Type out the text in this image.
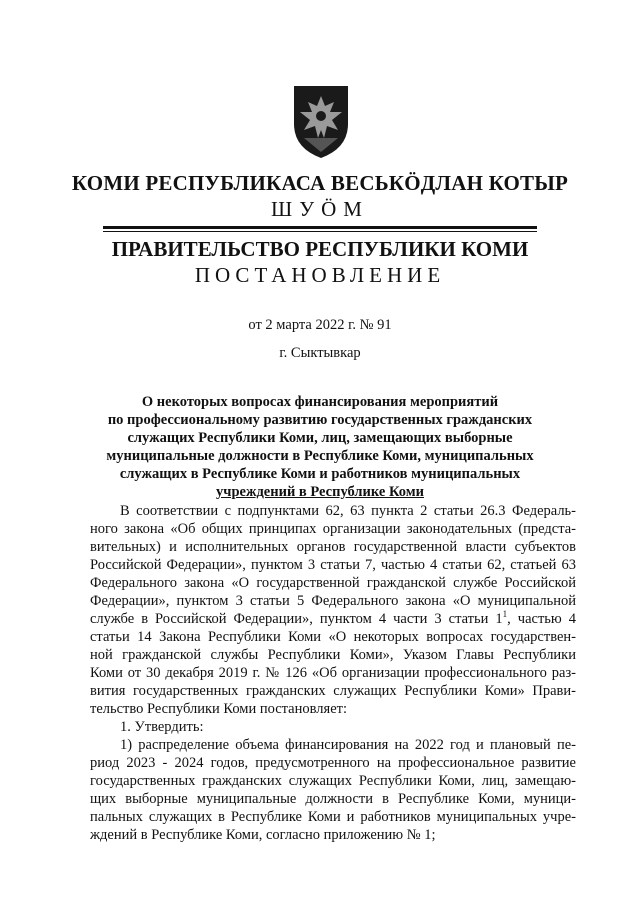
КОМИ РЕСПУБЛИКАСА ВЕСЬКӦДЛАН КОТЫР
ШУӦМ
ПРАВИТЕЛЬСТВО РЕСПУБЛИКИ КОМИ
ПОСТАНОВЛЕНИЕ
от 2 марта 2022 г. № 91
г. Сыктывкар
О некоторых вопросах финансирования мероприятий
по профессиональному развитию государственных гражданских
служащих Республики Коми, лиц, замещающих выборные
муниципальные должности в Республике Коми, муниципальных
служащих в Республике Коми и работников муниципальных
учреждений в Республике Коми
В соответствии с подпунктами 62, 63 пункта 2 статьи 26.3 Федераль-
ного закона «Об общих принципах организации законодательных (предста-
вительных) и исполнительных органов государственной власти субъектов
Российской Федерации», пунктом 3 статьи 7, частью 4 статьи 62, статьей 63
Федерального закона «О государственной гражданской службе Российской
Федерации», пунктом 3 статьи 5 Федерального закона «О муниципальной
службе в Российской Федерации», пунктом 4 части 3 статьи $1^1$, частью 4
статьи 14 Закона Республики Коми «О некоторых вопросах государствен-
ной гражданской службы Республики Коми», Указом Главы Республики
Коми от 30 декабря 2019 г. № 126 «Об организации профессионального раз-
вития государственных гражданских служащих Республики Коми» Прави-
тельство Республики Коми постановляет:
1. Утвердить:
1) распределение объема финансирования на 2022 год и плановый пе-
риод 2023 - 2024 годов, предусмотренного на профессиональное развитие
государственных гражданских служащих Республики Коми, лиц, замещаю-
щих выборные муниципальные должности в Республике Коми, муници-
пальных служащих в Республике Коми и работников муниципальных учре-
ждений в Республике Коми, согласно приложению № 1;
